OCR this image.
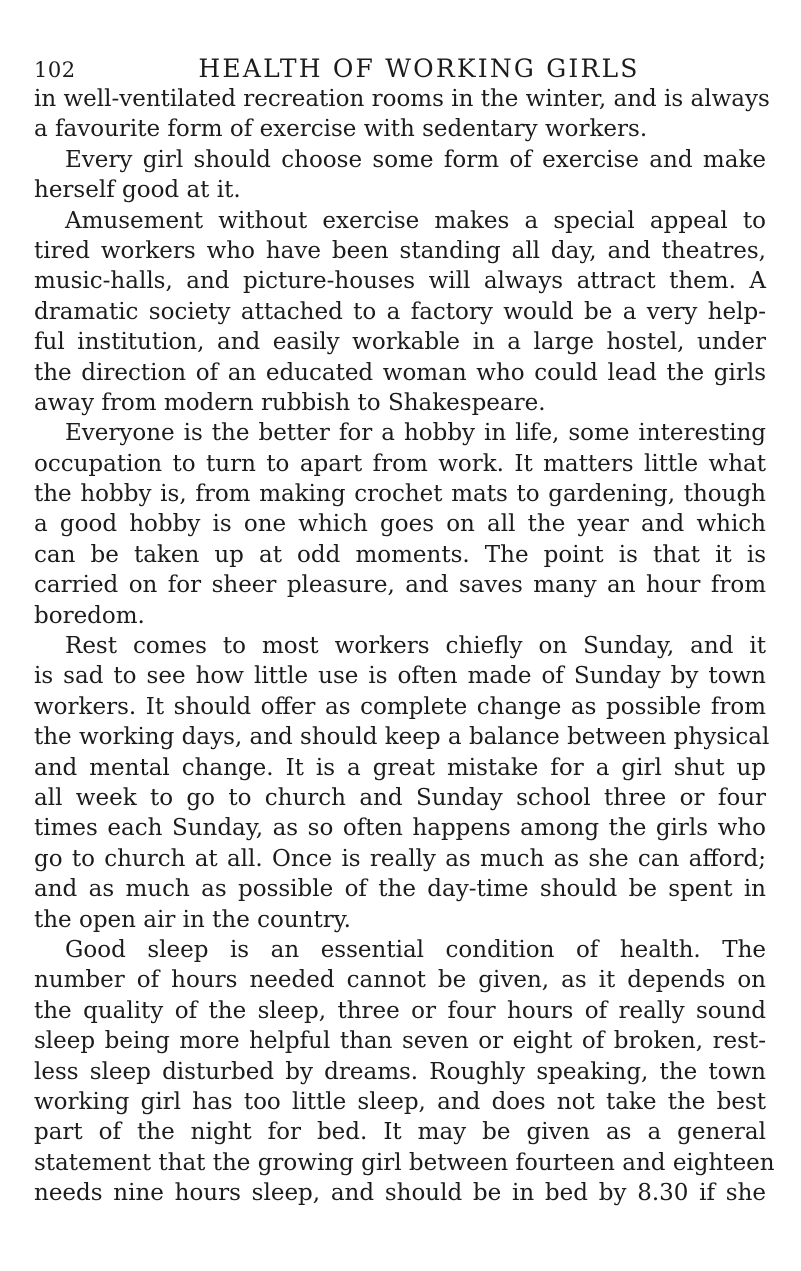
102	HEALTH OF WORKING GIRLS
in well-ventilated recreation rooms in the winter, and is always
a favourite form of exercise with sedentary workers.
Every girl should choose some form of exercise and make
herself good at it.
Amusement without exercise makes a special appeal to
tired workers who have been standing all day, and theatres,
music-halls, and picture-houses will always attract them. A
dramatic society attached to a factory would be a very help-
ful institution, and easily workable in a large hostel, under
the direction of an educated woman who could lead the girls
away from modern rubbish to Shakespeare.
Everyone is the better for a hobby in life, some interesting
occupation to turn to apart from work. It matters little what
the hobby is, from making crochet mats to gardening, though
a good hobby is one which goes on all the year and which
can be taken up at odd moments. The point is that it is
carried on for sheer pleasure, and saves many an hour from
boredom.
Rest comes to most workers chiefly on Sunday, and it
is sad to see how little use is often made of Sunday by town
workers. It should offer as complete change as possible from
the working days, and should keep a balance between physical
and mental change. It is a great mistake for a girl shut up
all week to go to church and Sunday school three or four
times each Sunday, as so often happens among the girls who
go to church at all. Once is really as much as she can afford;
and as much as possible of the day-time should be spent in
the open air in the country.
Good sleep is an essential condition of health. The
number of hours needed cannot be given, as it depends on
the quality of the sleep, three or four hours of really sound
sleep being more helpful than seven or eight of broken, rest-
less sleep disturbed by dreams. Roughly speaking, the town
working girl has too little sleep, and does not take the best
part of the night for bed. It may be given as a general
statement that the growing girl between fourteen and eighteen
needs nine hours sleep, and should be in bed by 8.30 if she
